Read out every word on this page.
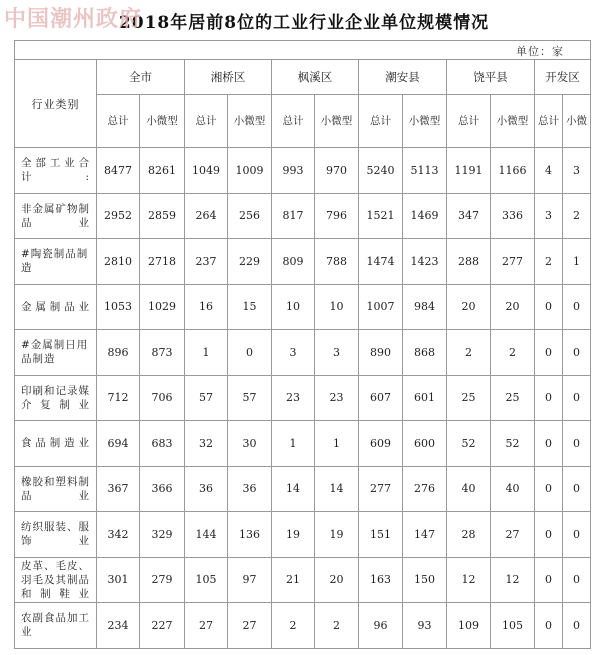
中国潮州政府
2018年居前8位的工业行业企业单位规模情况
单位：家
行业类别	全市		湘桥区		枫溪区		潮安县		饶平县		开发区	
	总计	小微型	总计	小微型	总计	小微型	总计	小微型	总计	小微型	总计	小微
全部工业合计:	8477	8261	1049	1009	993	970	5240	5113	1191	1166	4	3
非金属矿物制品业	2952	2859	264	256	817	796	1521	1469	347	336	3	2
#陶瓷制品制造	2810	2718	237	229	809	788	1474	1423	288	277	2	1
金属制品业	1053	1029	16	15	10	10	1007	984	20	20	0	0
#金属制日用品制造	896	873	1	0	3	3	890	868	2	2	0	0
印刷和记录媒介复制业	712	706	57	57	23	23	607	601	25	25	0	0
食品制造业	694	683	32	30	1	1	609	600	52	52	0	0
橡胶和塑料制品业	367	366	36	36	14	14	277	276	40	40	0	0
纺织服装、服饰业	342	329	144	136	19	19	151	147	28	27	0	0
皮革、毛皮、羽毛及其制品和制鞋业	301	279	105	97	21	20	163	150	12	12	0	0
农副食品加工业	234	227	27	27	2	2	96	93	109	105	0	0
